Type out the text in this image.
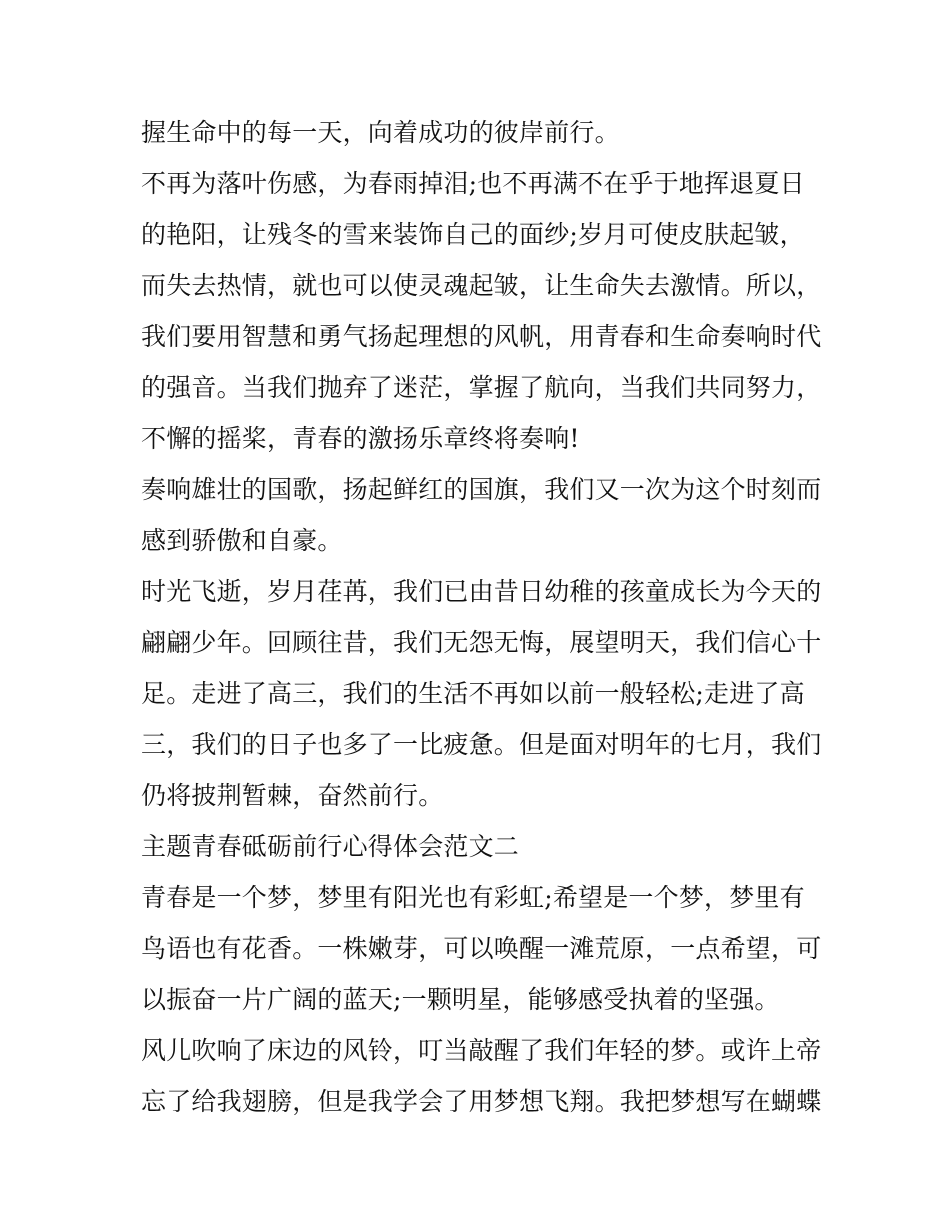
握生命中的每一天，向着成功的彼岸前行。
不再为落叶伤感，为春雨掉泪;也不再满不在乎于地挥退夏日
的艳阳，让残冬的雪来装饰自己的面纱;岁月可使皮肤起皱，
而失去热情，就也可以使灵魂起皱，让生命失去激情。所以，
我们要用智慧和勇气扬起理想的风帆，用青春和生命奏响时代
的强音。当我们抛弃了迷茫，掌握了航向，当我们共同努力，
不懈的摇桨，青春的激扬乐章终将奏响!
奏响雄壮的国歌，扬起鲜红的国旗，我们又一次为这个时刻而
感到骄傲和自豪。
时光飞逝，岁月荏苒，我们已由昔日幼稚的孩童成长为今天的
翩翩少年。回顾往昔，我们无怨无悔，展望明天，我们信心十
足。走进了高三，我们的生活不再如以前一般轻松;走进了高
三，我们的日子也多了一比疲惫。但是面对明年的七月，我们
仍将披荆暂棘，奋然前行。
主题青春砥砺前行心得体会范文二
青春是一个梦，梦里有阳光也有彩虹;希望是一个梦，梦里有
鸟语也有花香。一株嫩芽，可以唤醒一滩荒原，一点希望，可
以振奋一片广阔的蓝天;一颗明星，能够感受执着的坚强。
风儿吹响了床边的风铃，叮当敲醒了我们年轻的梦。或许上帝
忘了给我翅膀，但是我学会了用梦想飞翔。我把梦想写在蝴蝶
